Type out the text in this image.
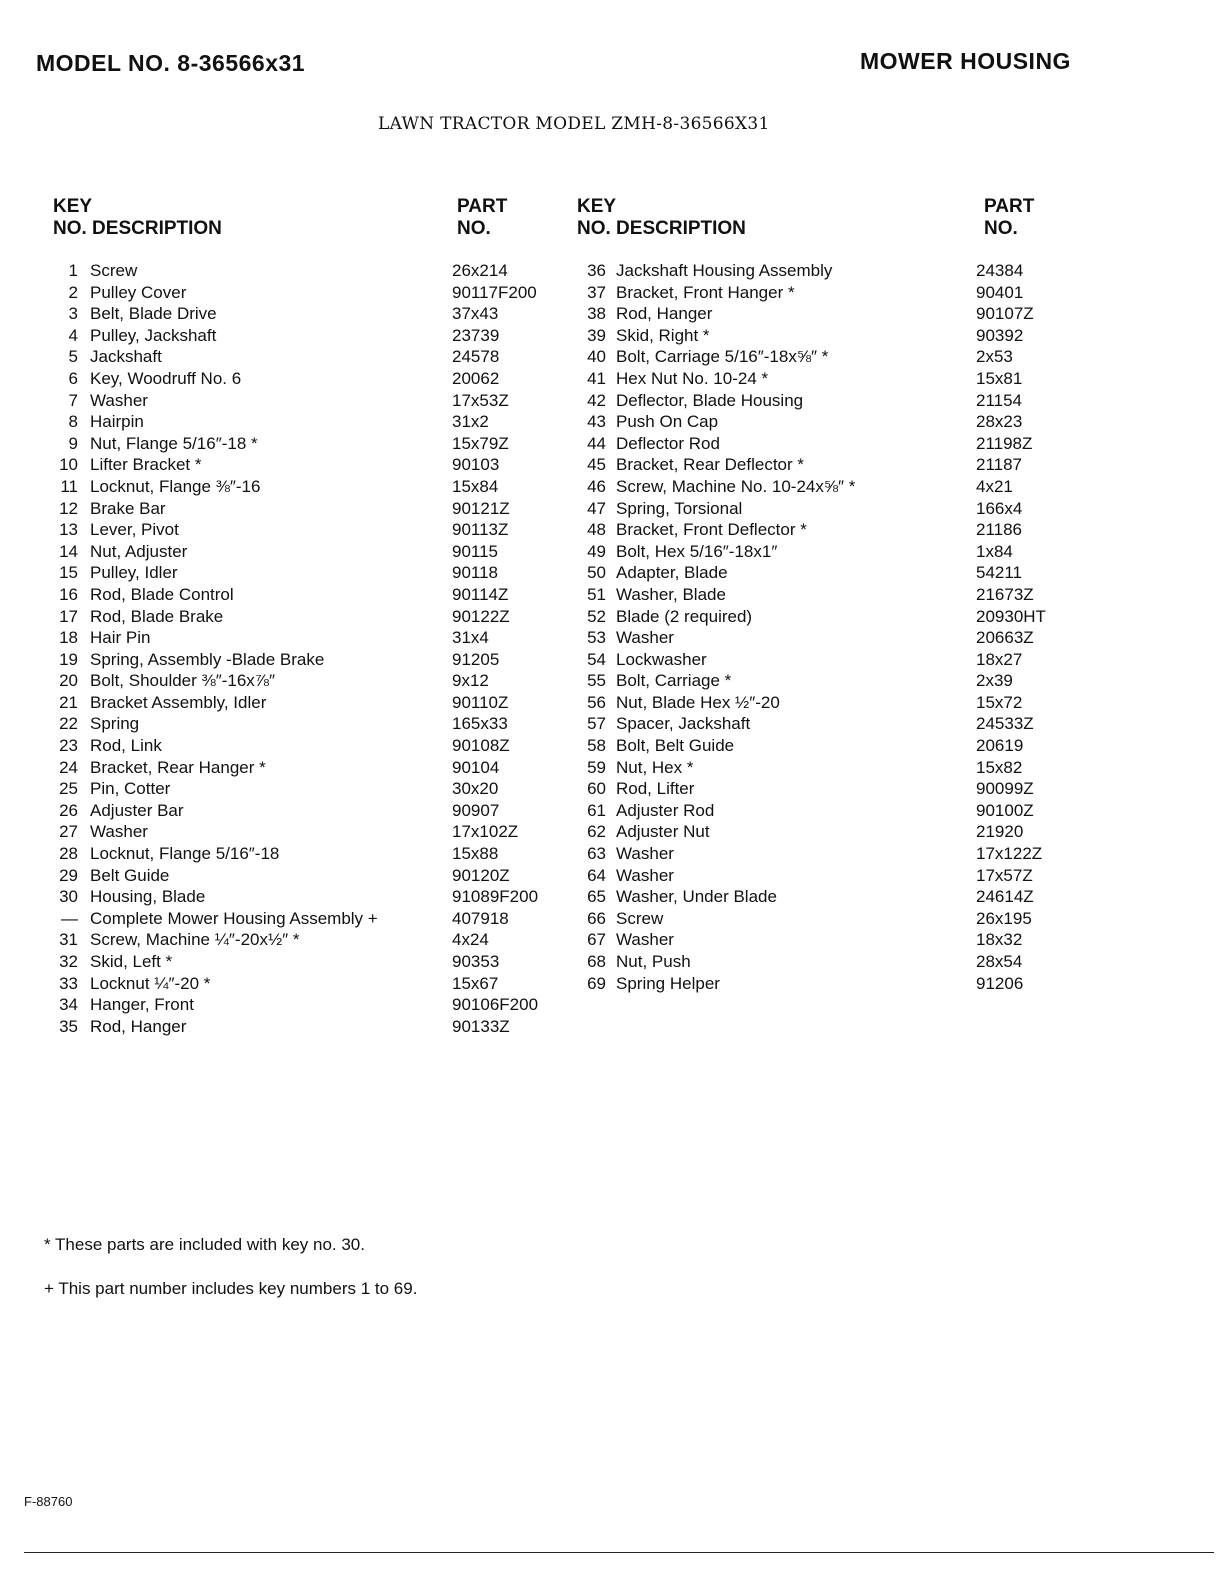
MODEL NO. 8-36566x31	MOWER HOUSING
LAWN TRACTOR MODEL ZMH-8-36566X31
KEY
NO. DESCRIPTION
PART
NO.
KEY
NO. DESCRIPTION
PART
NO.
1 Screw	26x214
2 Pulley Cover	90117F200
3 Belt, Blade Drive	37x43
4 Pulley, Jackshaft	23739
5 Jackshaft	24578
6 Key, Woodruff No. 6	20062
7 Washer	17x53Z
8 Hairpin	31x2
9 Nut, Flange 5/16″-18 *	15x79Z
10 Lifter Bracket *	90103
11 Locknut, Flange ⅜″-16	15x84
12 Brake Bar	90121Z
13 Lever, Pivot	90113Z
14 Nut, Adjuster	90115
15 Pulley, Idler	90118
16 Rod, Blade Control	90114Z
17 Rod, Blade Brake	90122Z
18 Hair Pin	31x4
19 Spring, Assembly -Blade Brake	91205
20 Bolt, Shoulder ⅜″-16x⅞″	9x12
21 Bracket Assembly, Idler	90110Z
22 Spring	165x33
23 Rod, Link	90108Z
24 Bracket, Rear Hanger *	90104
25 Pin, Cotter	30x20
26 Adjuster Bar	90907
27 Washer	17x102Z
28 Locknut, Flange 5/16″-18	15x88
29 Belt Guide	90120Z
30 Housing, Blade	91089F200
— Complete Mower Housing Assembly +	407918
31 Screw, Machine ¼″-20x½″ *	4x24
32 Skid, Left *	90353
33 Locknut ¼″-20 *	15x67
34 Hanger, Front	90106F200
35 Rod, Hanger	90133Z
36 Jackshaft Housing Assembly	24384
37 Bracket, Front Hanger *	90401
38 Rod, Hanger	90107Z
39 Skid, Right *	90392
40 Bolt, Carriage 5/16″-18x⅝″ *	2x53
41 Hex Nut No. 10-24 *	15x81
42 Deflector, Blade Housing	21154
43 Push On Cap	28x23
44 Deflector Rod	21198Z
45 Bracket, Rear Deflector *	21187
46 Screw, Machine No. 10-24x⅝″ *	4x21
47 Spring, Torsional	166x4
48 Bracket, Front Deflector *	21186
49 Bolt, Hex 5/16″-18x1″	1x84
50 Adapter, Blade	54211
51 Washer, Blade	21673Z
52 Blade (2 required)	20930HT
53 Washer	20663Z
54 Lockwasher	18x27
55 Bolt, Carriage *	2x39
56 Nut, Blade Hex ½″-20	15x72
57 Spacer, Jackshaft	24533Z
58 Bolt, Belt Guide	20619
59 Nut, Hex *	15x82
60 Rod, Lifter	90099Z
61 Adjuster Rod	90100Z
62 Adjuster Nut	21920
63 Washer	17x122Z
64 Washer	17x57Z
65 Washer, Under Blade	24614Z
66 Screw	26x195
67 Washer	18x32
68 Nut, Push	28x54
69 Spring Helper	91206
* These parts are included with key no. 30.
+ This part number includes key numbers 1 to 69.
F-88760
